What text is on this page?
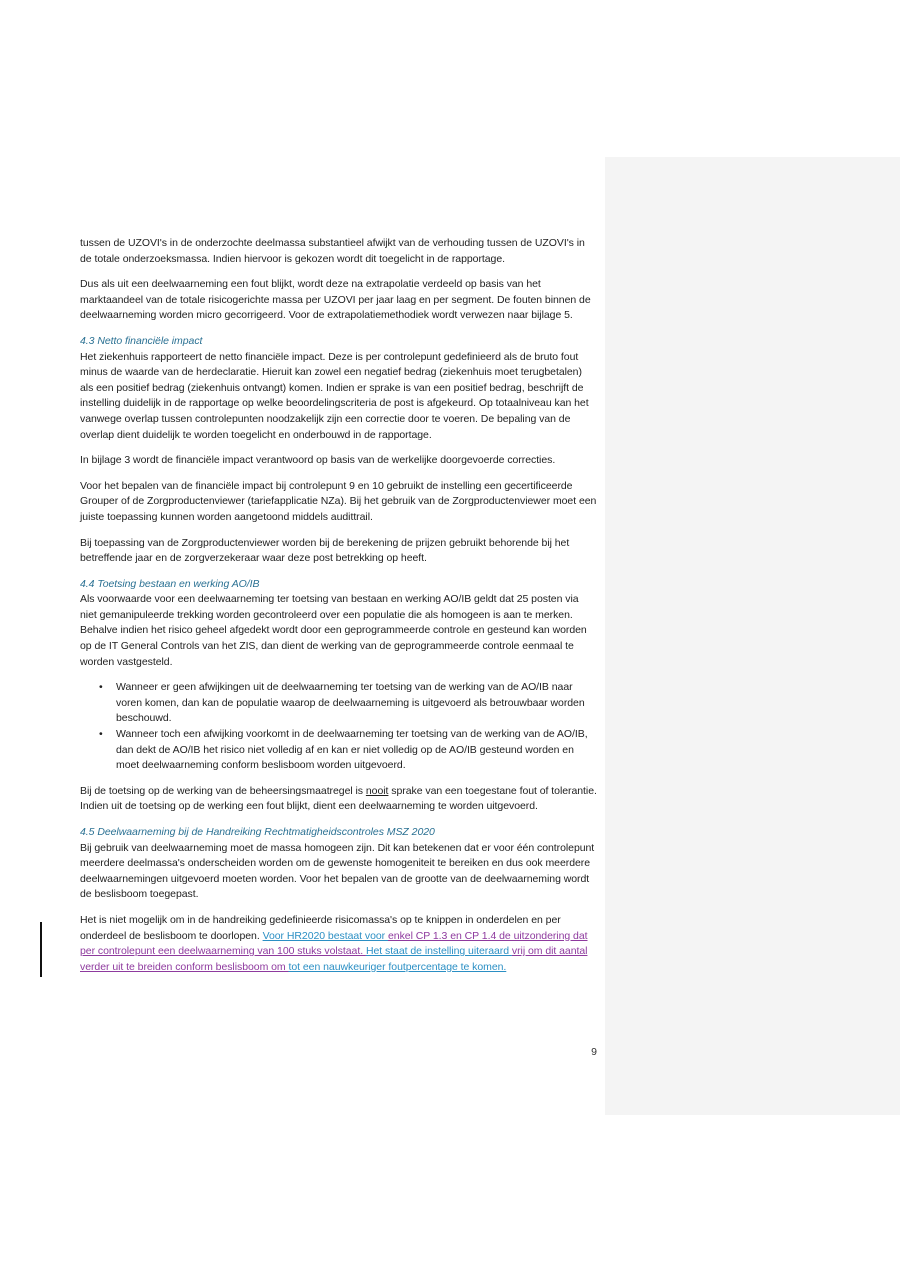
tussen de UZOVI's in de onderzochte deelmassa substantieel afwijkt van de verhouding tussen de UZOVI's in de totale onderzoeksmassa. Indien hiervoor is gekozen wordt dit toegelicht in de rapportage.

Dus als uit een deelwaarneming een fout blijkt, wordt deze na extrapolatie verdeeld op basis van het marktaandeel van de totale risicogerichte massa per UZOVI per jaar laag en per segment. De fouten binnen de deelwaarneming worden micro gecorrigeerd. Voor de extrapolatiemethodiek wordt verwezen naar bijlage 5.

4.3 Netto financiële impact

Het ziekenhuis rapporteert de netto financiële impact. Deze is per controlepunt gedefinieerd als de bruto fout minus de waarde van de herdeclaratie. Hieruit kan zowel een negatief bedrag (ziekenhuis moet terugbetalen) als een positief bedrag (ziekenhuis ontvangt) komen. Indien er sprake is van een positief bedrag, beschrijft de instelling duidelijk in de rapportage op welke beoordelingscriteria de post is afgekeurd. Op totaalniveau kan het vanwege overlap tussen controlepunten noodzakelijk zijn een correctie door te voeren. De bepaling van de overlap dient duidelijk te worden toegelicht en onderbouwd in de rapportage.

In bijlage 3 wordt de financiële impact verantwoord op basis van de werkelijke doorgevoerde correcties.

Voor het bepalen van de financiële impact bij controlepunt 9 en 10 gebruikt de instelling een gecertificeerde Grouper of de Zorgproductenviewer (tariefapplicatie NZa). Bij het gebruik van de Zorgproductenviewer moet een juiste toepassing kunnen worden aangetoond middels audittrail.

Bij toepassing van de Zorgproductenviewer worden bij de berekening de prijzen gebruikt behorende bij het betreffende jaar en de zorgverzekeraar waar deze post betrekking op heeft.

4.4 Toetsing bestaan en werking AO/IB

Als voorwaarde voor een deelwaarneming ter toetsing van bestaan en werking AO/IB geldt dat 25 posten via niet gemanipuleerde trekking worden gecontroleerd over een populatie die als homogeen is aan te merken. Behalve indien het risico geheel afgedekt wordt door een geprogrammeerde controle en gesteund kan worden op de IT General Controls van het ZIS, dan dient de werking van de geprogrammeerde controle eenmaal te worden vastgesteld.

• Wanneer er geen afwijkingen uit de deelwaarneming ter toetsing van de werking van de AO/IB naar voren komen, dan kan de populatie waarop de deelwaarneming is uitgevoerd als betrouwbaar worden beschouwd.
• Wanneer toch een afwijking voorkomt in de deelwaarneming ter toetsing van de werking van de AO/IB, dan dekt de AO/IB het risico niet volledig af en kan er niet volledig op de AO/IB gesteund worden en moet deelwaarneming conform beslisboom worden uitgevoerd.

Bij de toetsing op de werking van de beheersingsmaatregel is nooit sprake van een toegestane fout of tolerantie. Indien uit de toetsing op de werking een fout blijkt, dient een deelwaarneming te worden uitgevoerd.

4.5 Deelwaarneming bij de Handreiking Rechtmatigheidscontroles MSZ 2020

Bij gebruik van deelwaarneming moet de massa homogeen zijn. Dit kan betekenen dat er voor één controlepunt meerdere deelmassa's onderscheiden worden om de gewenste homogeniteit te bereiken en dus ook meerdere deelwaarnemingen uitgevoerd moeten worden. Voor het bepalen van de grootte van de deelwaarneming wordt de beslisboom toegepast.

Het is niet mogelijk om in de handreiking gedefinieerde risicomassa's op te knippen in onderdelen en per onderdeel de beslisboom te doorlopen. Voor HR2020 bestaat voor enkel CP 1.3 en CP 1.4 de uitzondering dat per controlepunt een deelwaarneming van 100 stuks volstaat. Het staat de instelling uiteraard vrij om dit aantal verder uit te breiden conform beslisboom om tot een nauwkeuriger foutpercentage te komen.

9
